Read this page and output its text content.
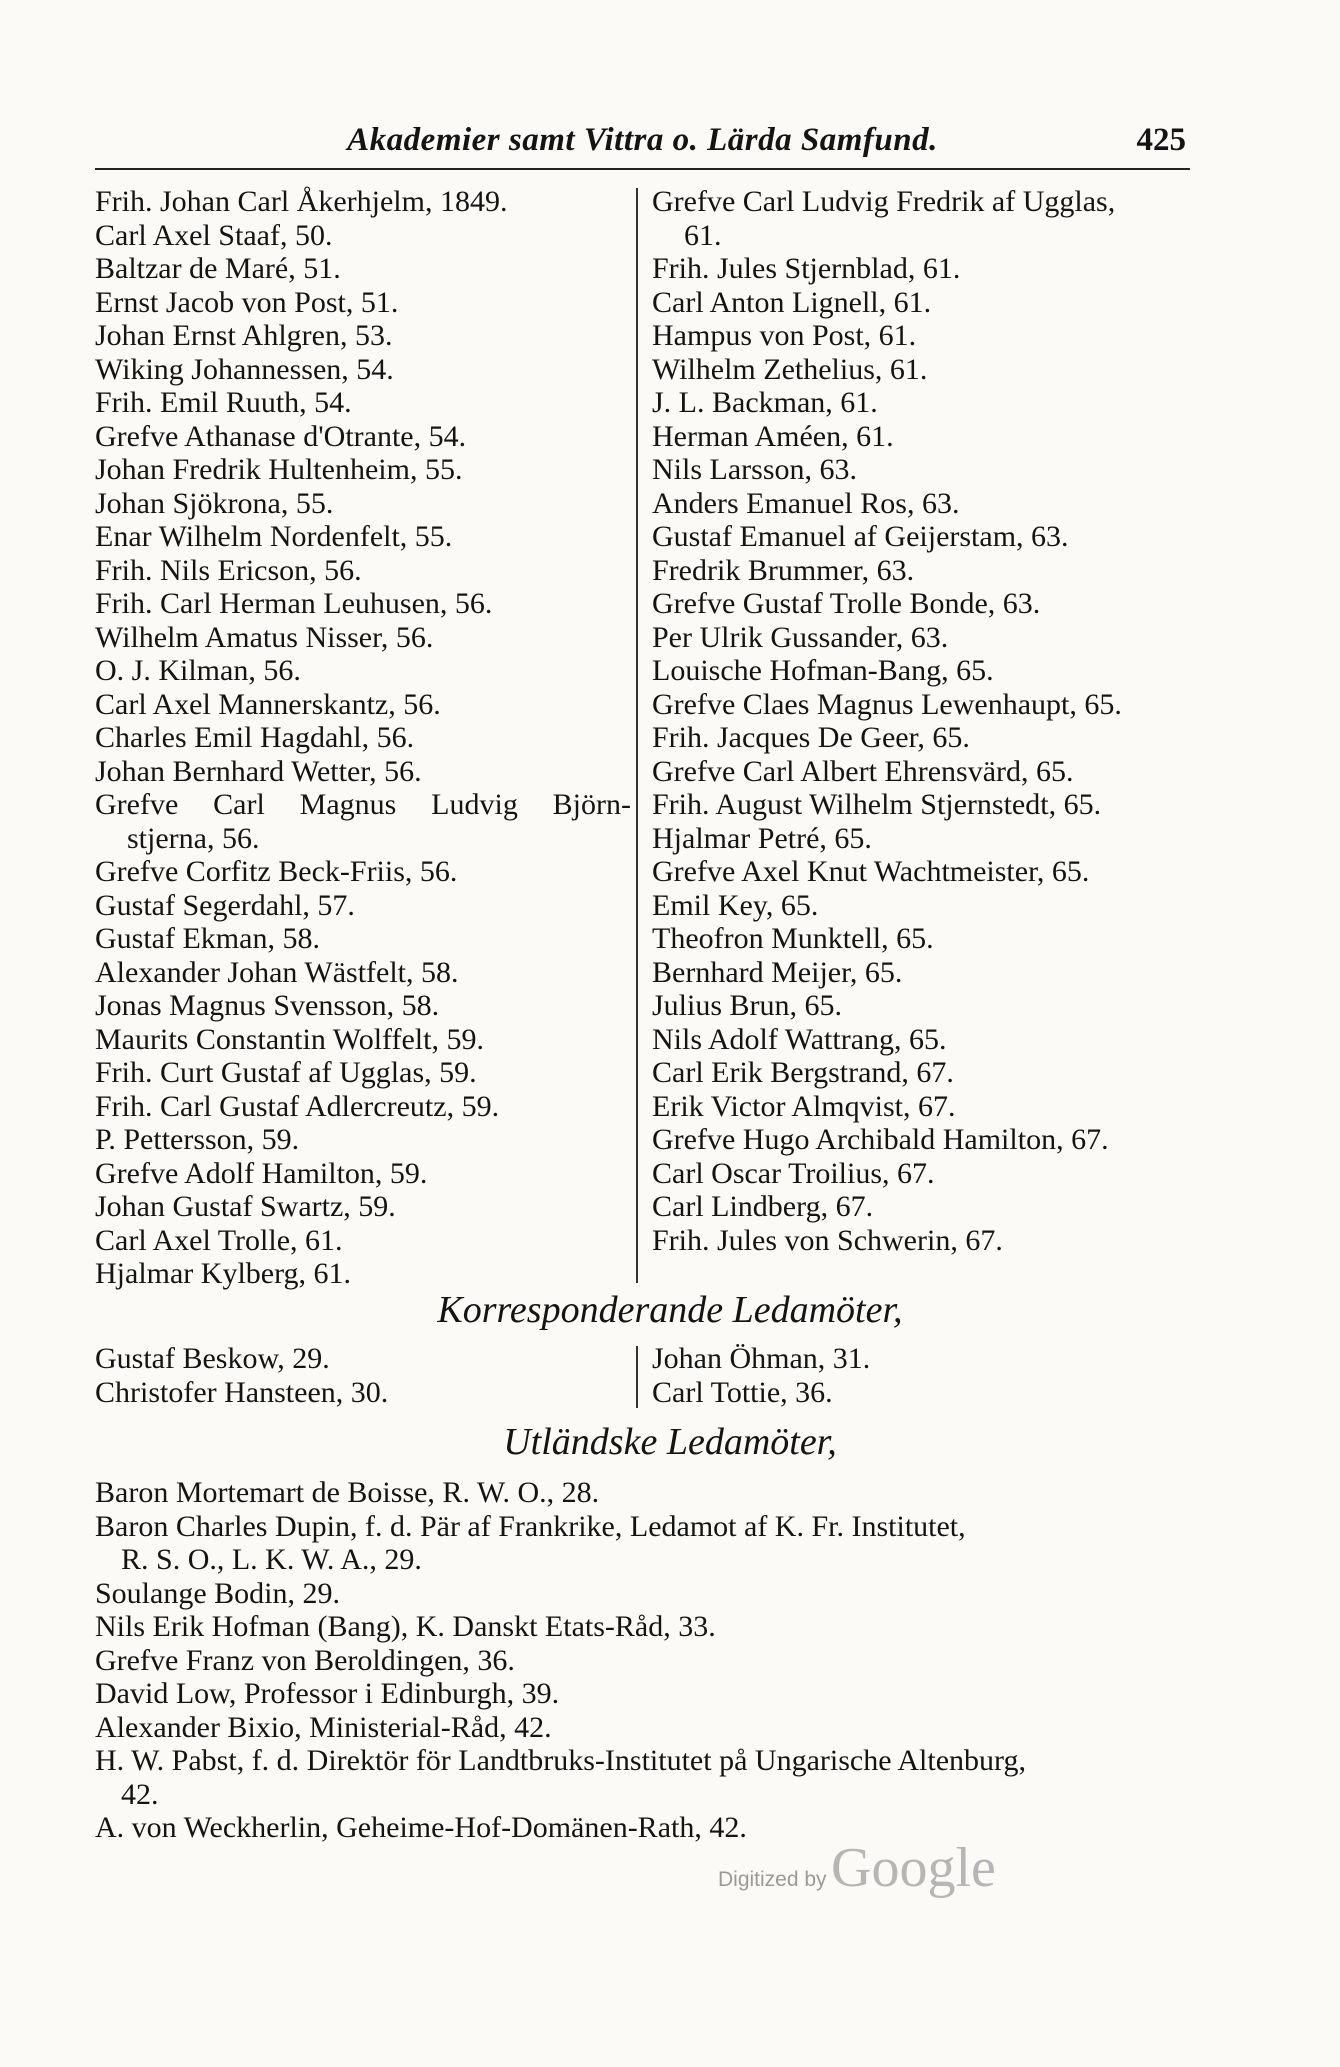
Akademier samt Vittra o. Lärda Samfund.	425
Frih. Johan Carl Åkerhjelm, 1849.
Carl Axel Staaf, 50.
Baltzar de Maré, 51.
Ernst Jacob von Post, 51.
Johan Ernst Ahlgren, 53.
Wiking Johannessen, 54.
Frih. Emil Ruuth, 54.
Grefve Athanase d'Otrante, 54.
Johan Fredrik Hultenheim, 55.
Johan Sjökrona, 55.
Enar Wilhelm Nordenfelt, 55.
Frih. Nils Ericson, 56.
Frih. Carl Herman Leuhusen, 56.
Wilhelm Amatus Nisser, 56.
O. J. Kilman, 56.
Carl Axel Mannerskantz, 56.
Charles Emil Hagdahl, 56.
Johan Bernhard Wetter, 56.
Grefve Carl Magnus Ludvig Björn-
stjerna, 56.
Grefve Corfitz Beck-Friis, 56.
Gustaf Segerdahl, 57.
Gustaf Ekman, 58.
Alexander Johan Wästfelt, 58.
Jonas Magnus Svensson, 58.
Maurits Constantin Wolffelt, 59.
Frih. Curt Gustaf af Ugglas, 59.
Frih. Carl Gustaf Adlercreutz, 59.
P. Pettersson, 59.
Grefve Adolf Hamilton, 59.
Johan Gustaf Swartz, 59.
Carl Axel Trolle, 61.
Hjalmar Kylberg, 61.
Grefve Carl Ludvig Fredrik af Ugglas,
61.
Frih. Jules Stjernblad, 61.
Carl Anton Lignell, 61.
Hampus von Post, 61.
Wilhelm Zethelius, 61.
J. L. Backman, 61.
Herman Améen, 61.
Nils Larsson, 63.
Anders Emanuel Ros, 63.
Gustaf Emanuel af Geijerstam, 63.
Fredrik Brummer, 63.
Grefve Gustaf Trolle Bonde, 63.
Per Ulrik Gussander, 63.
Louische Hofman-Bang, 65.
Grefve Claes Magnus Lewenhaupt, 65.
Frih. Jacques De Geer, 65.
Grefve Carl Albert Ehrensvärd, 65.
Frih. August Wilhelm Stjernstedt, 65.
Hjalmar Petré, 65.
Grefve Axel Knut Wachtmeister, 65.
Emil Key, 65.
Theofron Munktell, 65.
Bernhard Meijer, 65.
Julius Brun, 65.
Nils Adolf Wattrang, 65.
Carl Erik Bergstrand, 67.
Erik Victor Almqvist, 67.
Grefve Hugo Archibald Hamilton, 67.
Carl Oscar Troilius, 67.
Carl Lindberg, 67.
Frih. Jules von Schwerin, 67.
Korresponderande Ledamöter,
Gustaf Beskow, 29.
Christofer Hansteen, 30.
Johan Öhman, 31.
Carl Tottie, 36.
Utländske Ledamöter,
Baron Mortemart de Boisse, R. W. O., 28.
Baron Charles Dupin, f. d. Pär af Frankrike, Ledamot af K. Fr. Institutet,
R. S. O., L. K. W. A., 29.
Soulange Bodin, 29.
Nils Erik Hofman (Bang), K. Danskt Etats-Råd, 33.
Grefve Franz von Beroldingen, 36.
David Low, Professor i Edinburgh, 39.
Alexander Bixio, Ministerial-Råd, 42.
H. W. Pabst, f. d. Direktör för Landtbruks-Institutet på Ungarische Altenburg,
42.
A. von Weckherlin, Geheime-Hof-Domänen-Rath, 42.
Digitized by Google
